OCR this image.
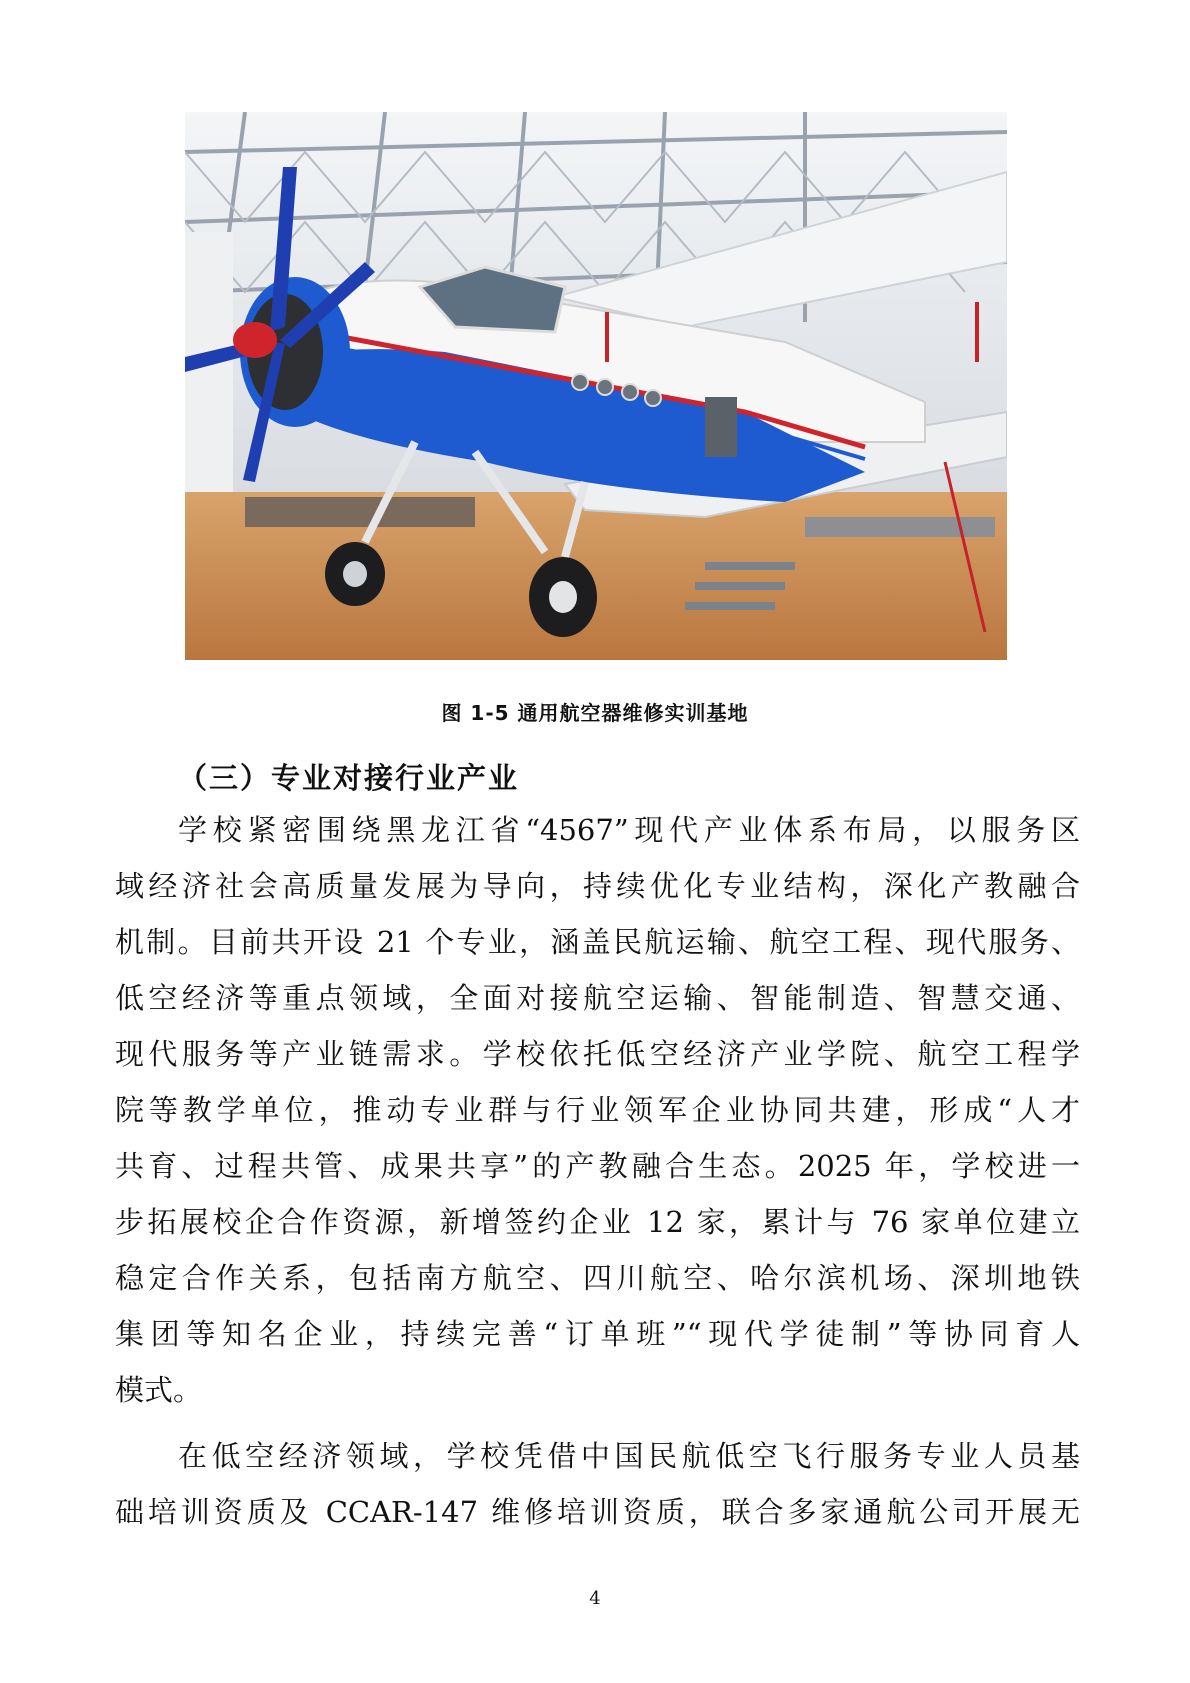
图 1-5 通用航空器维修实训基地
（三）专业对接行业产业
学校紧密围绕黑龙江省“4567”现代产业体系布局，以服务区
域经济社会高质量发展为导向，持续优化专业结构，深化产教融合
机制。目前共开设 21 个专业，涵盖民航运输、航空工程、现代服务、
低空经济等重点领域，全面对接航空运输、智能制造、智慧交通、
现代服务等产业链需求。学校依托低空经济产业学院、航空工程学
院等教学单位，推动专业群与行业领军企业协同共建，形成“人才
共育、过程共管、成果共享”的产教融合生态。2025 年，学校进一
步拓展校企合作资源，新增签约企业 12 家，累计与 76 家单位建立
稳定合作关系，包括南方航空、四川航空、哈尔滨机场、深圳地铁
集团等知名企业，持续完善“订单班”“现代学徒制”等协同育人
模式。
在低空经济领域，学校凭借中国民航低空飞行服务专业人员基
础培训资质及 CCAR-147 维修培训资质，联合多家通航公司开展无
4
